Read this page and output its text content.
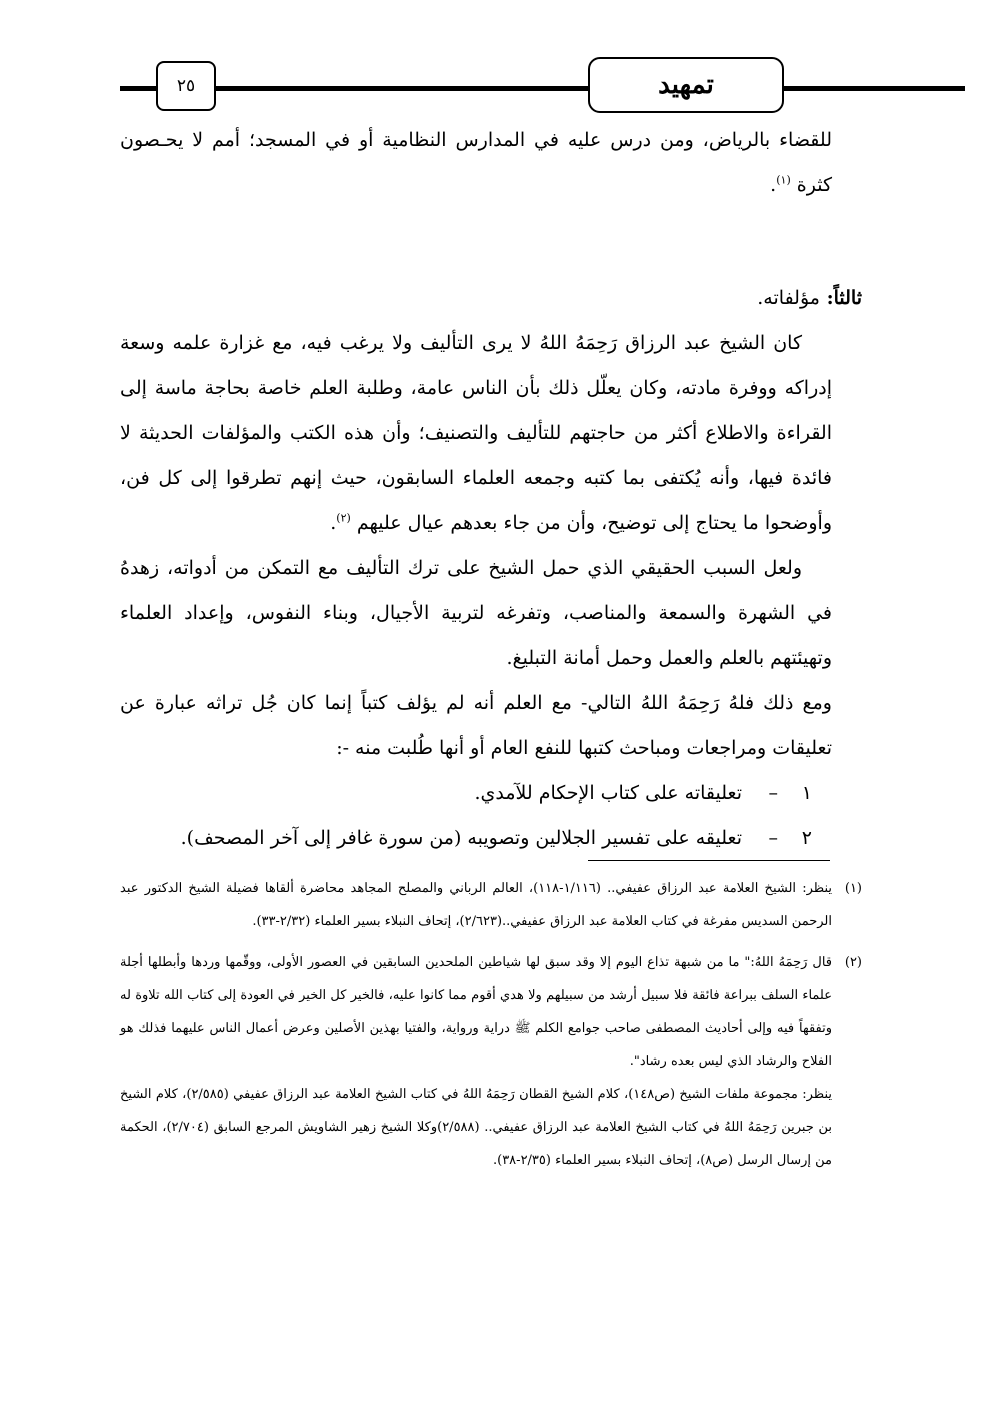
٢٥	تمهيد

للقضاء بالرياض، ومن درس عليه في المدارس النظامية أو في المسجد؛ أمم لا يحـصون كثرة $^{(١)}$.

ثالثاً: مؤلفاته.

كان الشيخ عبد الرزاق رَحِمَهُ اللهُ لا يرى التأليف ولا يرغب فيه، مع غزارة علمه وسعة إدراكه ووفرة مادته، وكان يعلّل ذلك بأن الناس عامة، وطلبة العلم خاصة بحاجة ماسة إلى القراءة والاطلاع أكثر من حاجتهم للتأليف والتصنيف؛ وأن هذه الكتب والمؤلفات الحديثة لا فائدة فيها، وأنه يُكتفى بما كتبه وجمعه العلماء السابقون، حيث إنهم تطرقوا إلى كل فن، وأوضحوا ما يحتاج إلى توضيح، وأن من جاء بعدهم عيال عليهم $^{(٢)}$.

ولعل السبب الحقيقي الذي حمل الشيخ على ترك التأليف مع التمكن من أدواته، زهدهُ في الشهرة والسمعة والمناصب، وتفرغه لتربية الأجيال، وبناء النفوس، وإعداد العلماء وتهيئتهم بالعلم والعمل وحمل أمانة التبليغ.

ومع ذلك فلهُ رَحِمَهُ اللهُ التالي- مع العلم أنه لم يؤلف كتباً إنما كان جُل تراثه عبارة عن تعليقات ومراجعات ومباحث كتبها للنفع العام أو أنها طُلبت منه -:

١
–
تعليقاته على كتاب الإحكام للآمدي.
٢
–
تعليقه على تفسير الجلالين وتصويبه (من سورة غافر إلى آخر المصحف).

(١)ينظر: الشيخ العلامة عبد الرزاق عفيفي.. (١/١١٦-١١٨)، العالم الرباني والمصلح المجاهد محاضرة ألقاها فضيلة الشيخ الدكتور عبد الرحمن السديس مفرغة في كتاب العلامة عبد الرزاق عفيفي..(٢/٦٢٣)، إتحاف النبلاء بسير العلماء (٢/٣٢-٣٣).

(٢)قال رَحِمَهُ اللهُ:" ما من شبهة تذاع اليوم إلا وقد سبق لها شياطين الملحدين السابقين في العصور الأولى، ووقّمها وردها وأبطلها أجلة علماء السلف ببراعة فائقة فلا سبيل أرشد من سبيلهم ولا هدي أقوم مما كانوا عليه، فالخير كل الخير في العودة إلى كتاب الله تلاوة له وتفقهاً فيه وإلى أحاديث المصطفى صاحب جوامع الكلم ﷺ دراية ورواية، والفتيا بهذين الأصلين وعرض أعمال الناس عليهما فذلك هو الفلاح والرشاد الذي ليس بعده رشاد".

ينظر: مجموعة ملفات الشيخ (ص١٤٨)، كلام الشيخ القطان رَحِمَهُ اللهُ في كتاب الشيخ العلامة عبد الرزاق عفيفي (٢/٥٨٥)، كلام الشيخ بن جبرين رَحِمَهُ اللهُ في كتاب الشيخ العلامة عبد الرزاق عفيفي.. (٢/٥٨٨)وكلا الشيخ زهير الشاويش المرجع السابق (٢/٧٠٤)، الحكمة من إرسال الرسل (ص٨)، إتحاف النبلاء بسير العلماء (٢/٣٥-٣٨).
